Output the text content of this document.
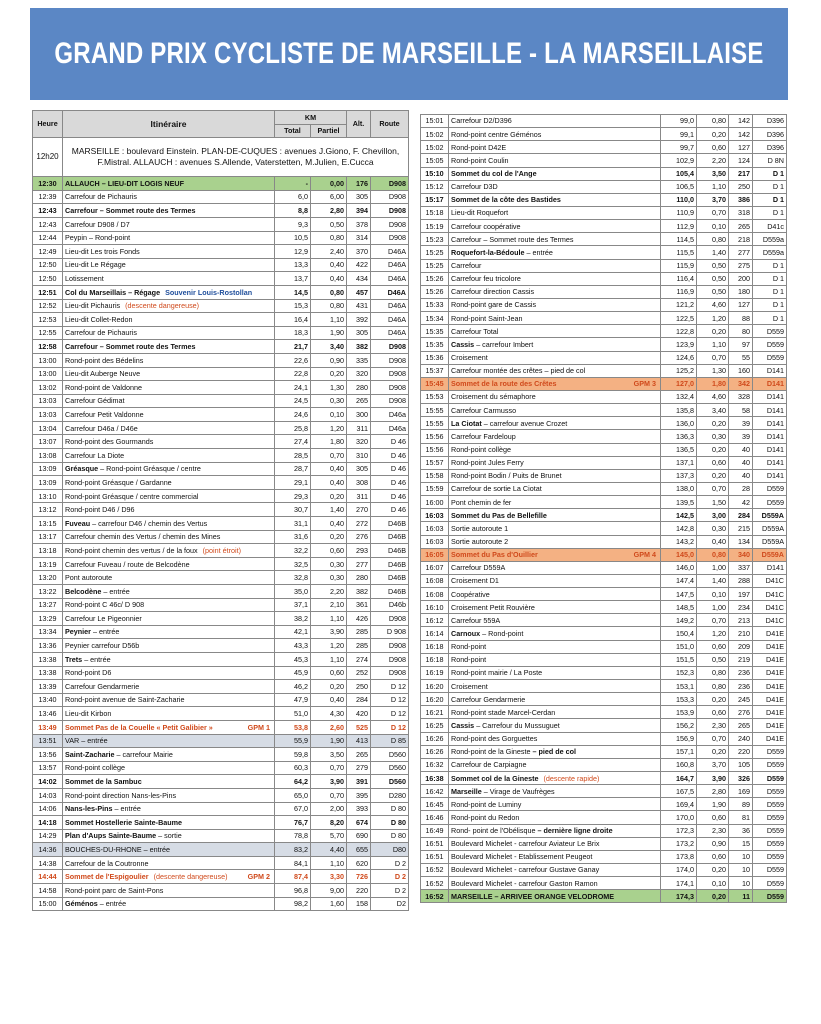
GRAND PRIX CYCLISTE DE MARSEILLE - LA MARSEILLAISE
Heure	Itinéraire	KM		Alt.	Route
		Total	Partiel		
12h20	MARSEILLE : boulevard Einstein. PLAN-DE-CUQUES : avenues J.Giono, F. Chevillon, F.Mistral. ALLAUCH : avenues S.Allende, Vaterstetten, M.Julien, E.Cucca				
12:30	ALLAUCH – LIEU-DIT LOGIS NEUF	-	0,00	176	D908
12:39	Carrefour de Pichauris	6,0	6,00	305	D908
12:43	Carrefour – Sommet route des Termes	8,8	2,80	394	D908
12:43	Carrefour D908 / D7	9,3	0,50	378	D908
12:44	Peypin – Rond-point	10,5	0,80	314	D908
12:49	Lieu-dit Les trois Fonds	12,9	2,40	370	D46A
12:50	Lieu-dit Le Régage	13,3	0,40	422	D46A
12:50	Lotissement	13,7	0,40	434	D46A
12:51	Col du Marseillais – Régage Souvenir Louis-Rostollan	14,5	0,80	457	D46A
12:52	Lieu-dit Pichauris (descente dangereuse)	15,3	0,80	431	D46A
12:53	Lieu-dit Collet-Redon	16,4	1,10	392	D46A
12:55	Carrefour de Pichauris	18,3	1,90	305	D46A
12:58	Carrefour – Sommet route des Termes	21,7	3,40	382	D908
13:00	Rond-point des Bédelins	22,6	0,90	335	D908
13:00	Lieu-dit Auberge Neuve	22,8	0,20	320	D908
13:02	Rond-point de Valdonne	24,1	1,30	280	D908
13:03	Carrefour Gédimat	24,5	0,30	265	D908
13:03	Carrefour Petit Valdonne	24,6	0,10	300	D46a
13:04	Carrefour D46a / D46e	25,8	1,20	311	D46a
13:07	Rond-point des Gourmands	27,4	1,80	320	D 46
13:08	Carrefour La Diote	28,5	0,70	310	D 46
13:09	Gréasque – Rond-point Gréasque / centre	28,7	0,40	305	D 46
13:09	Rond-point Gréasque / Gardanne	29,1	0,40	308	D 46
13:10	Rond-point Gréasque / centre commercial	29,3	0,20	311	D 46
13:12	Rond-point D46 / D96	30,7	1,40	270	D 46
13:15	Fuveau – carrefour D46 / chemin des Vertus	31,1	0,40	272	D46B
13:17	Carrefour chemin des Vertus / chemin des Mines	31,6	0,20	276	D46B
13:18	Rond-point chemin des vertus / de la foux (point étroit)	32,2	0,60	293	D46B
13:19	Carrefour Fuveau / route de Belcodène	32,5	0,30	277	D46B
13:20	Pont autoroute	32,8	0,30	280	D46B
13:22	Belcodène – entrée	35,0	2,20	382	D46B
13:27	Rond-point C 46c/ D 908	37,1	2,10	361	D46b
13:29	Carrefour Le Pigeonnier	38,2	1,10	426	D908
13:34	Peynier – entrée	42,1	3,90	285	D 908
13:36	Peynier carrefour D56b	43,3	1,20	285	D908
13:38	Trets – entrée	45,3	1,10	274	D908
13:38	Rond-point D6	45,9	0,60	252	D908
13:39	Carrefour Gendarmerie	46,2	0,20	250	D 12
13:40	Rond-point avenue de Saint-Zacharie	47,9	0,40	284	D 12
13:46	Lieu-dit Kirbon	51,0	4,30	420	D 12
13:49	Sommet Pas de la Couelle « Petit Galibier » GPM 1	53,8	2,60	525	D 12
13:51	VAR – entrée	55,9	1,90	413	D 85
13:56	Saint-Zacharie – carrefour Mairie	59,8	3,50	265	D560
13:57	Rond-point collège	60,3	0,70	279	D560
14:02	Sommet de la Sambuc	64,2	3,90	391	D560
14:03	Rond-point direction Nans-les-Pins	65,0	0,70	395	D280
14:06	Nans-les-Pins – entrée	67,0	2,00	393	D 80
14:18	Sommet Hostellerie Sainte-Baume	76,7	8,20	674	D 80
14:29	Plan d'Aups Sainte-Baume – sortie	78,8	5,70	690	D 80
14:36	BOUCHES-DU-RHONE – entrée	83,2	4,40	655	D80
14:38	Carrefour de la Coutronne	84,1	1,10	620	D 2
14:44	Sommet de l'Espigoulier (descente dangereuse) GPM 2	87,4	3,30	726	D 2
14:58	Rond-point parc de Saint-Pons	96,8	9,00	220	D 2
15:00	Géménos – entrée	98,2	1,60	158	D2
15:01	Carrefour D2/D396	99,0	0,80	142	D396
15:02	Rond-point centre Géménos	99,1	0,20	142	D396
15:02	Rond-point D42E	99,7	0,60	127	D396
15:05	Rond-point Coulin	102,9	2,20	124	D 8N
15:10	Sommet du col de l'Ange	105,4	3,50	217	D 1
15:12	Carrefour D3D	106,5	1,10	250	D 1
15:17	Sommet de la côte des Bastides	110,0	3,70	386	D 1
15:18	Lieu-dit Roquefort	110,9	0,70	318	D 1
15:19	Carrefour coopérative	112,9	0,10	265	D41c
15:23	Carrefour – Sommet route des Termes	114,5	0,80	218	D559a
15:25	Roquefort-la-Bédoule – entrée	115,5	1,40	277	D559a
15:25	Carrefour	115,9	0,50	275	D 1
15:26	Carrefour feu tricolore	116,4	0,50	200	D 1
15:26	Carrefour direction Cassis	116,9	0,50	180	D 1
15:33	Rond-point gare de Cassis	121,2	4,60	127	D 1
15:34	Rond-point Saint-Jean	122,5	1,20	88	D 1
15:35	Carrefour Total	122,8	0,20	80	D559
15:35	Cassis – carrefour Imbert	123,9	1,10	97	D559
15:36	Croisement	124,6	0,70	55	D559
15:37	Carrefour montée des crêtes – pied de col	125,2	1,30	160	D141
15:45	Sommet de la route des Crêtes GPM 3	127,0	1,80	342	D141
15:53	Croisement du sémaphore	132,4	4,60	328	D141
15:55	Carrefour Carmusso	135,8	3,40	58	D141
15:55	La Ciotat – carrefour avenue Crozet	136,0	0,20	39	D141
15:56	Carrefour Fardeloup	136,3	0,30	39	D141
15:56	Rond-point collège	136,5	0,20	40	D141
15:57	Rond-point Jules Ferry	137,1	0,60	40	D141
15:58	Rond-point Bodin / Puits de Brunet	137,3	0,20	40	D141
15:59	Carrefour de sortie La Ciotat	138,0	0,70	28	D559
16:00	Pont chemin de fer	139,5	1,50	42	D559
16:03	Sommet du Pas de Bellefille	142,5	3,00	284	D559A
16:03	Sortie autoroute 1	142,8	0,30	215	D559A
16:03	Sortie autoroute 2	143,2	0,40	134	D559A
16:05	Sommet du Pas d'Ouillier GPM 4	145,0	0,80	340	D559A
16:07	Carrefour D559A	146,0	1,00	337	D141
16:08	Croisement D1	147,4	1,40	288	D41C
16:08	Coopérative	147,5	0,10	197	D41C
16:10	Croisement Petit Rouvière	148,5	1,00	234	D41C
16:12	Carrefour 559A	149,2	0,70	213	D41C
16:14	Carnoux – Rond-point	150,4	1,20	210	D41E
16:18	Rond-point	151,0	0,60	209	D41E
16:18	Rond-point	151,5	0,50	219	D41E
16:19	Rond-point mairie / La Poste	152,3	0,80	236	D41E
16:20	Croisement	153,1	0,80	236	D41E
16:20	Carrefour Gendarmerie	153,3	0,20	245	D41E
16:21	Rond-point stade Marcel-Cerdan	153,9	0,60	276	D41E
16:25	Cassis – Carrefour du Mussuguet	156,2	2,30	265	D41E
16:26	Rond-point des Gorguettes	156,9	0,70	240	D41E
16:26	Rond-point de la Gineste – pied de col	157,1	0,20	220	D559
16:32	Carrefour de Carpiagne	160,8	3,70	105	D559
16:38	Sommet col de la Gineste (descente rapide)	164,7	3,90	326	D559
16:42	Marseille – Virage de Vaufrèges	167,5	2,80	169	D559
16:45	Rond-point de Luminy	169,4	1,90	89	D559
16:46	Rond-point du Redon	170,0	0,60	81	D559
16:49	Rond- point de l'Obélisque – dernière ligne droite	172,3	2,30	36	D559
16:51	Boulevard Michelet - carrefour Aviateur Le Brix	173,2	0,90	15	D559
16:51	Boulevard Michelet - Etablissement Peugeot	173,8	0,60	10	D559
16:52	Boulevard Michelet - carrefour Gustave Ganay	174,0	0,20	10	D559
16:52	Boulevard Michelet - carrefour Gaston Ramon	174,1	0,10	10	D559
16:52	MARSEILLE – ARRIVEE ORANGE VELODROME	174,3	0,20	11	D559
